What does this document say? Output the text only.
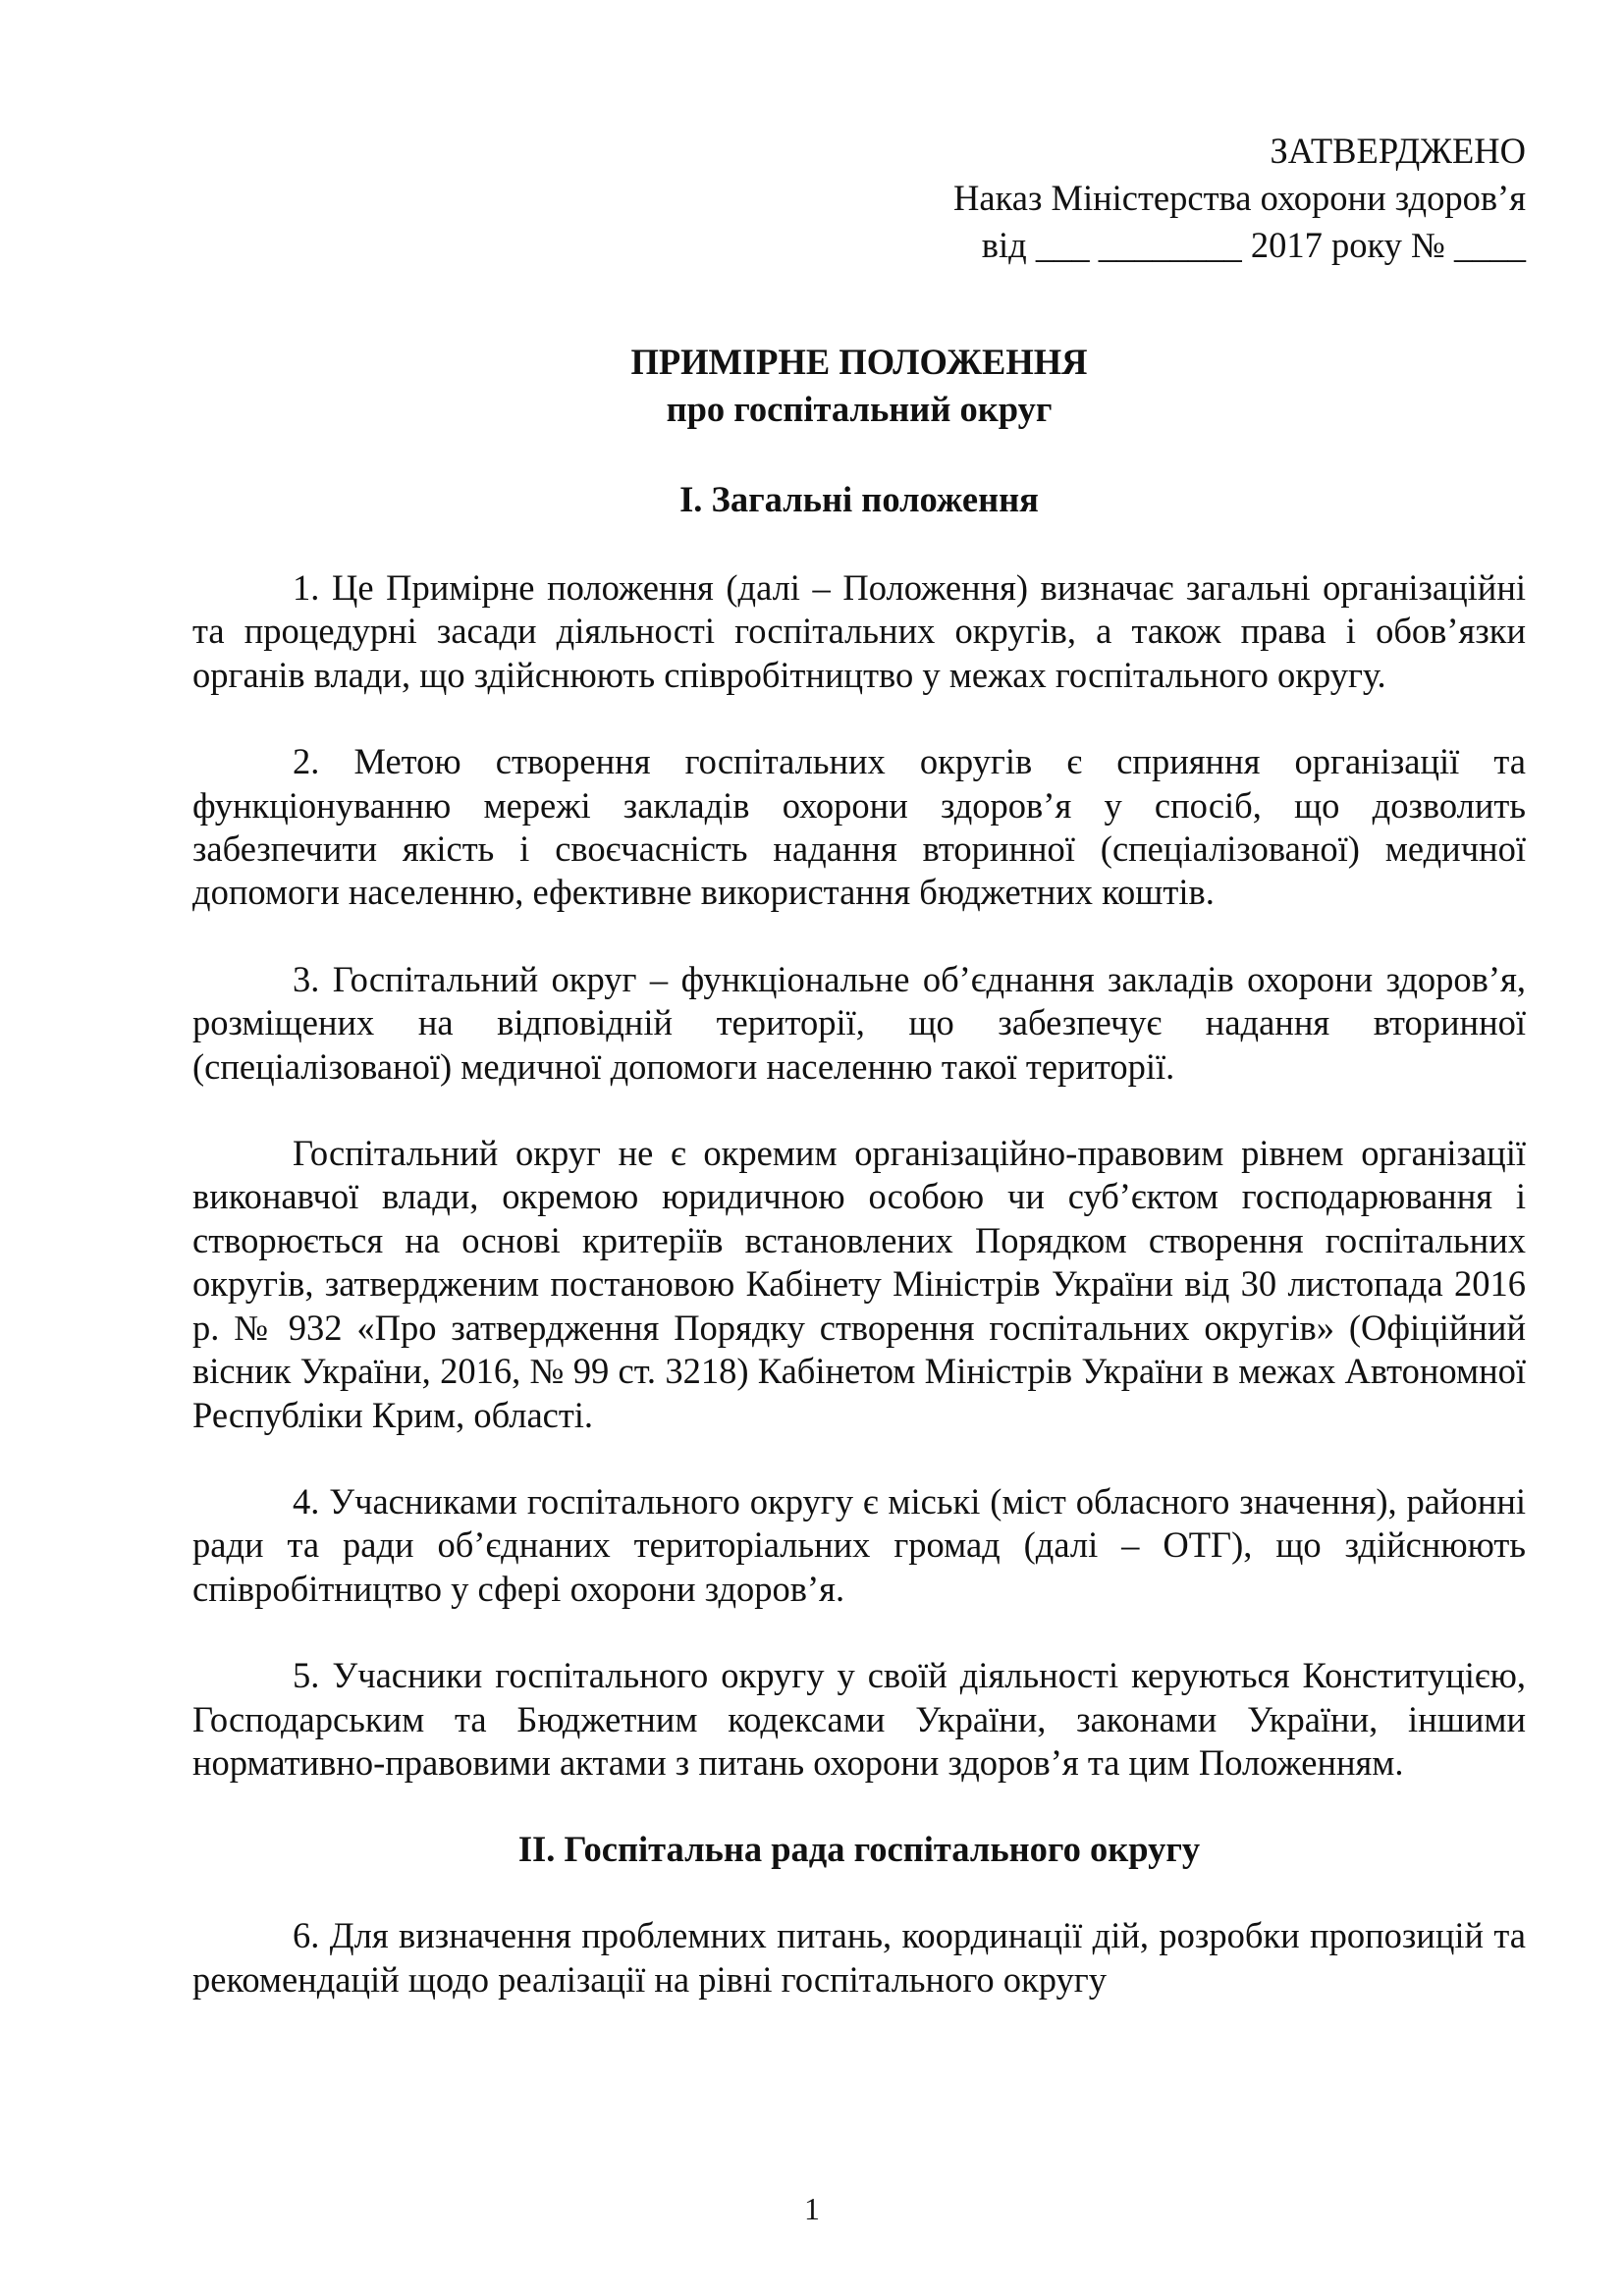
ЗАТВЕРДЖЕНО
Наказ Міністерства охорони здоров’я
від ___ ________ 2017 року № ____
ПРИМІРНЕ ПОЛОЖЕННЯ
про госпітальний округ
І. Загальні положення

1. Це Примірне положення (далі – Положення) визначає загальні організаційні та процедурні засади діяльності госпітальних округів, а також права і обов’язки органів влади, що здійснюють співробітництво у межах госпітального округу.

2. Метою створення госпітальних округів є сприяння організації та функціонуванню мережі закладів охорони здоров’я у спосіб, що дозволить забезпечити якість і своєчасність надання вторинної (спеціалізованої) медичної допомоги населенню, ефективне використання бюджетних коштів.

3. Госпітальний округ – функціональне об’єднання закладів охорони здоров’я, розміщених на відповідній території, що забезпечує надання вторинної (спеціалізованої) медичної допомоги населенню такої території.

Госпітальний округ не є окремим організаційно-правовим рівнем організації виконавчої влади, окремою юридичною особою чи суб’єктом господарювання і створюється на основі критеріїв встановлених Порядком створення госпітальних округів, затвердженим постановою Кабінету Міністрів України від 30 листопада 2016 р. № 932 «Про затвердження Порядку створення госпітальних округів» (Офіційний вісник України, 2016, № 99 ст. 3218) Кабінетом Міністрів України в межах Автономної Республіки Крим, області.

4. Учасниками госпітального округу є міські (міст обласного значення), районні ради та ради об’єднаних територіальних громад (далі – ОТГ), що здійснюють співробітництво у сфері охорони здоров’я.

5. Учасники госпітального округу у своїй діяльності керуються Конституцією, Господарським та Бюджетним кодексами України, законами України, іншими нормативно-правовими актами з питань охорони здоров’я та цим Положенням.

ІІ. Госпітальна рада госпітального округу

6. Для визначення проблемних питань, координації дій, розробки пропозицій та рекомендацій щодо реалізації на рівні госпітального округу

1
